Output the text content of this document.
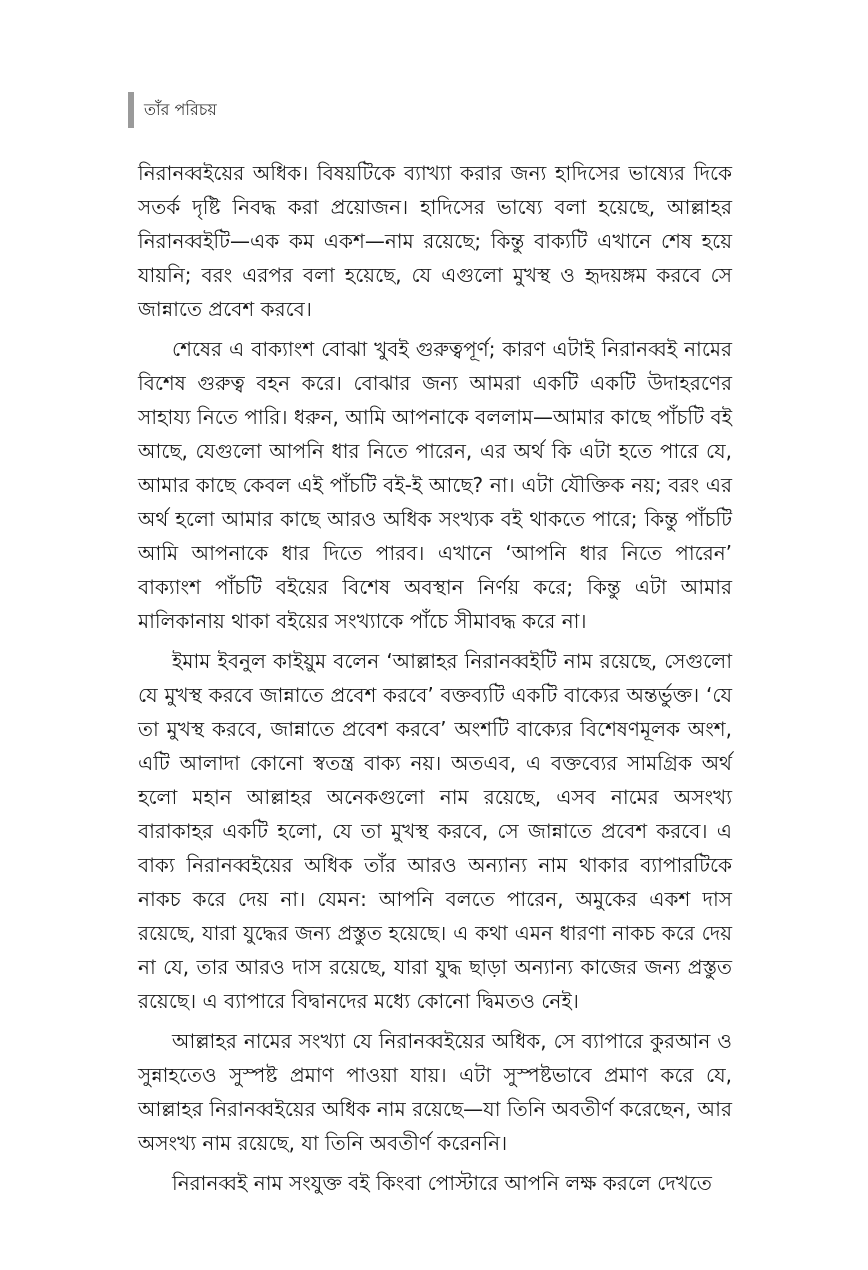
তাঁর পরিচয়

নিরানব্বইয়ের অধিক। বিষয়টিকে ব্যাখ্যা করার জন্য হাদিসের ভাষ্যের দিকে সতর্ক দৃষ্টি নিবদ্ধ করা প্রয়োজন। হাদিসের ভাষ্যে বলা হয়েছে, আল্লাহর নিরানব্বইটি—এক কম একশ—নাম রয়েছে; কিন্তু বাক্যটি এখানে শেষ হয়ে যায়নি; বরং এরপর বলা হয়েছে, যে এগুলো মুখস্থ ও হৃদয়ঙ্গম করবে সে জান্নাতে প্রবেশ করবে।

শেষের এ বাক্যাংশ বোঝা খুবই গুরুত্বপূর্ণ; কারণ এটাই নিরানব্বই নামের বিশেষ গুরুত্ব বহন করে। বোঝার জন্য আমরা একটি একটি উদাহরণের সাহায্য নিতে পারি। ধরুন, আমি আপনাকে বললাম—আমার কাছে পাঁচটি বই আছে, যেগুলো আপনি ধার নিতে পারেন, এর অর্থ কি এটা হতে পারে যে, আমার কাছে কেবল এই পাঁচটি বই-ই আছে? না। এটা যৌক্তিক নয়; বরং এর অর্থ হলো আমার কাছে আরও অধিক সংখ্যক বই থাকতে পারে; কিন্তু পাঁচটি আমি আপনাকে ধার দিতে পারব। এখানে ‘আপনি ধার নিতে পারেন’ বাক্যাংশ পাঁচটি বইয়ের বিশেষ অবস্থান নির্ণয় করে; কিন্তু এটা আমার মালিকানায় থাকা বইয়ের সংখ্যাকে পাঁচে সীমাবদ্ধ করে না।

ইমাম ইবনুল কাইয়ুম বলেন ‘আল্লাহর নিরানব্বইটি নাম রয়েছে, সেগুলো যে মুখস্থ করবে জান্নাতে প্রবেশ করবে’ বক্তব্যটি একটি বাক্যের অন্তর্ভুক্ত। ‘যে তা মুখস্থ করবে, জান্নাতে প্রবেশ করবে’ অংশটি বাক্যের বিশেষণমূলক অংশ, এটি আলাদা কোনো স্বতন্ত্র বাক্য নয়। অতএব, এ বক্তব্যের সামগ্রিক অর্থ হলো মহান আল্লাহর অনেকগুলো নাম রয়েছে, এসব নামের অসংখ্য বারাকাহর একটি হলো, যে তা মুখস্থ করবে, সে জান্নাতে প্রবেশ করবে। এ বাক্য নিরানব্বইয়ের অধিক তাঁর আরও অন্যান্য নাম থাকার ব্যাপারটিকে নাকচ করে দেয় না। যেমন: আপনি বলতে পারেন, অমুকের একশ দাস রয়েছে, যারা যুদ্ধের জন্য প্রস্তুত হয়েছে। এ কথা এমন ধারণা নাকচ করে দেয় না যে, তার আরও দাস রয়েছে, যারা যুদ্ধ ছাড়া অন্যান্য কাজের জন্য প্রস্তুত রয়েছে। এ ব্যাপারে বিদ্বানদের মধ্যে কোনো দ্বিমতও নেই।

আল্লাহর নামের সংখ্যা যে নিরানব্বইয়ের অধিক, সে ব্যাপারে কুরআন ও সুন্নাহতেও সুস্পষ্ট প্রমাণ পাওয়া যায়। এটা সুস্পষ্টভাবে প্রমাণ করে যে, আল্লাহর নিরানব্বইয়ের অধিক নাম রয়েছে—যা তিনি অবতীর্ণ করেছেন, আর অসংখ্য নাম রয়েছে, যা তিনি অবতীর্ণ করেননি।

নিরানব্বই নাম সংযুক্ত বই কিংবা পোস্টারে আপনি লক্ষ করলে দেখতে
